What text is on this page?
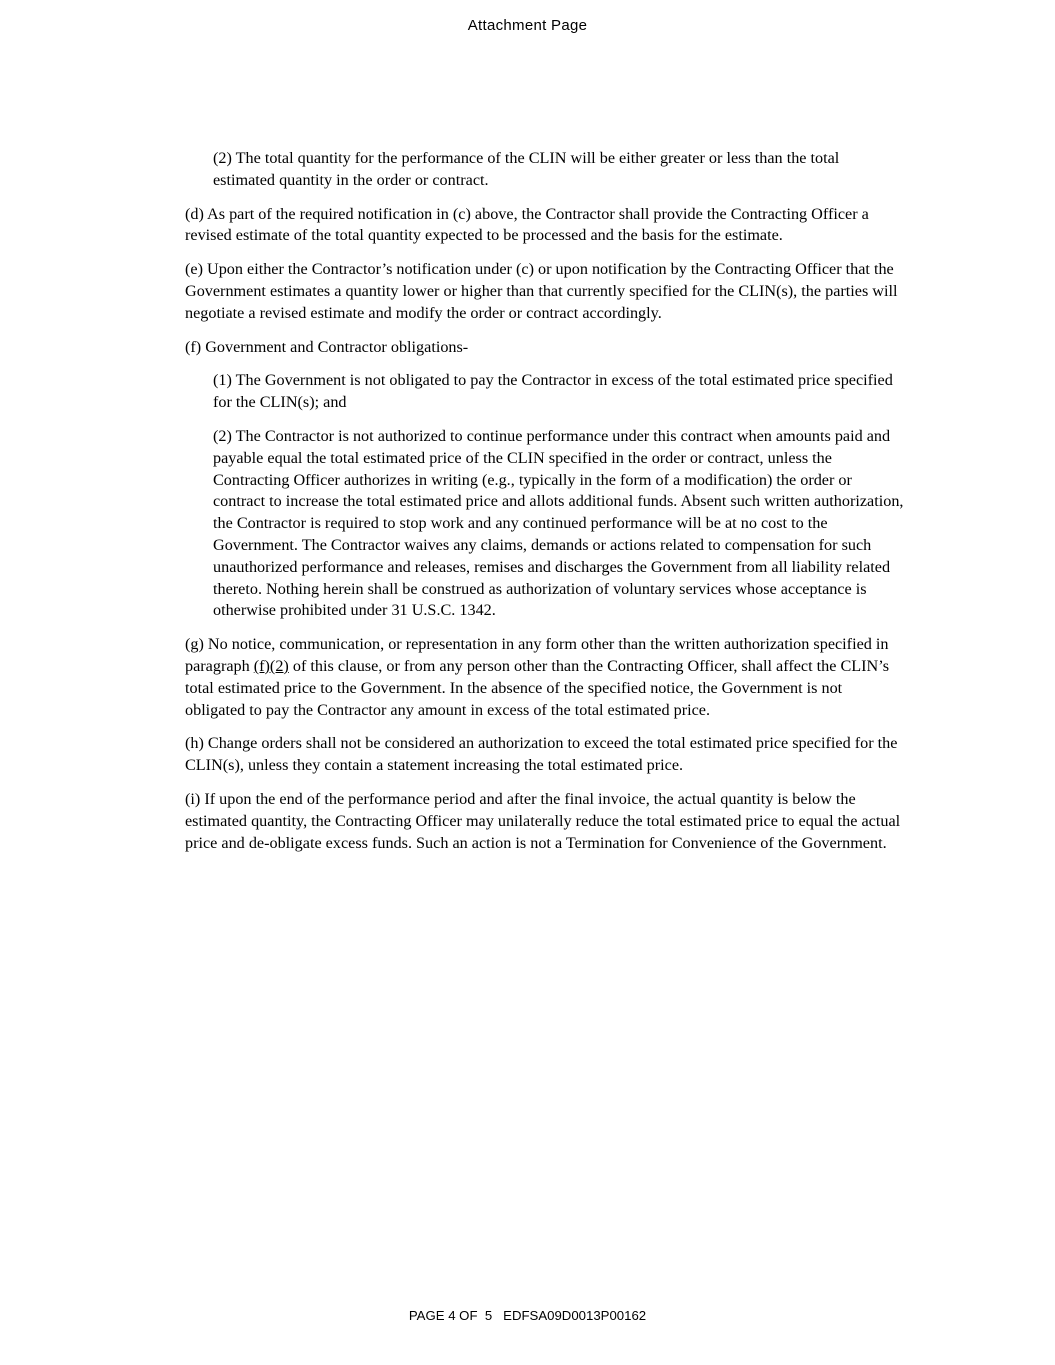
Attachment Page

(2) The total quantity for the performance of the CLIN will be either greater or less than the total estimated quantity in the order or contract.

(d) As part of the required notification in (c) above, the Contractor shall provide the Contracting Officer a revised estimate of the total quantity expected to be processed and the basis for the estimate.

(e) Upon either the Contractor’s notification under (c) or upon notification by the Contracting Officer that the Government estimates a quantity lower or higher than that currently specified for the CLIN(s), the parties will negotiate a revised estimate and modify the order or contract accordingly.

(f) Government and Contractor obligations-

(1) The Government is not obligated to pay the Contractor in excess of the total estimated price specified for the CLIN(s); and

(2) The Contractor is not authorized to continue performance under this contract when amounts paid and payable equal the total estimated price of the CLIN specified in the order or contract, unless the Contracting Officer authorizes in writing (e.g., typically in the form of a modification) the order or contract to increase the total estimated price and allots additional funds. Absent such written authorization, the Contractor is required to stop work and any continued performance will be at no cost to the Government. The Contractor waives any claims, demands or actions related to compensation for such unauthorized performance and releases, remises and discharges the Government from all liability related thereto. Nothing herein shall be construed as authorization of voluntary services whose acceptance is otherwise prohibited under 31 U.S.C. 1342.

(g) No notice, communication, or representation in any form other than the written authorization specified in paragraph (f)(2) of this clause, or from any person other than the Contracting Officer, shall affect the CLIN’s total estimated price to the Government. In the absence of the specified notice, the Government is not obligated to pay the Contractor any amount in excess of the total estimated price.

(h) Change orders shall not be considered an authorization to exceed the total estimated price specified for the CLIN(s), unless they contain a statement increasing the total estimated price.

(i) If upon the end of the performance period and after the final invoice, the actual quantity is below the estimated quantity, the Contracting Officer may unilaterally reduce the total estimated price to equal the actual price and de-obligate excess funds. Such an action is not a Termination for Convenience of the Government.

PAGE 4 OF  5 EDFSA09D0013P00162
